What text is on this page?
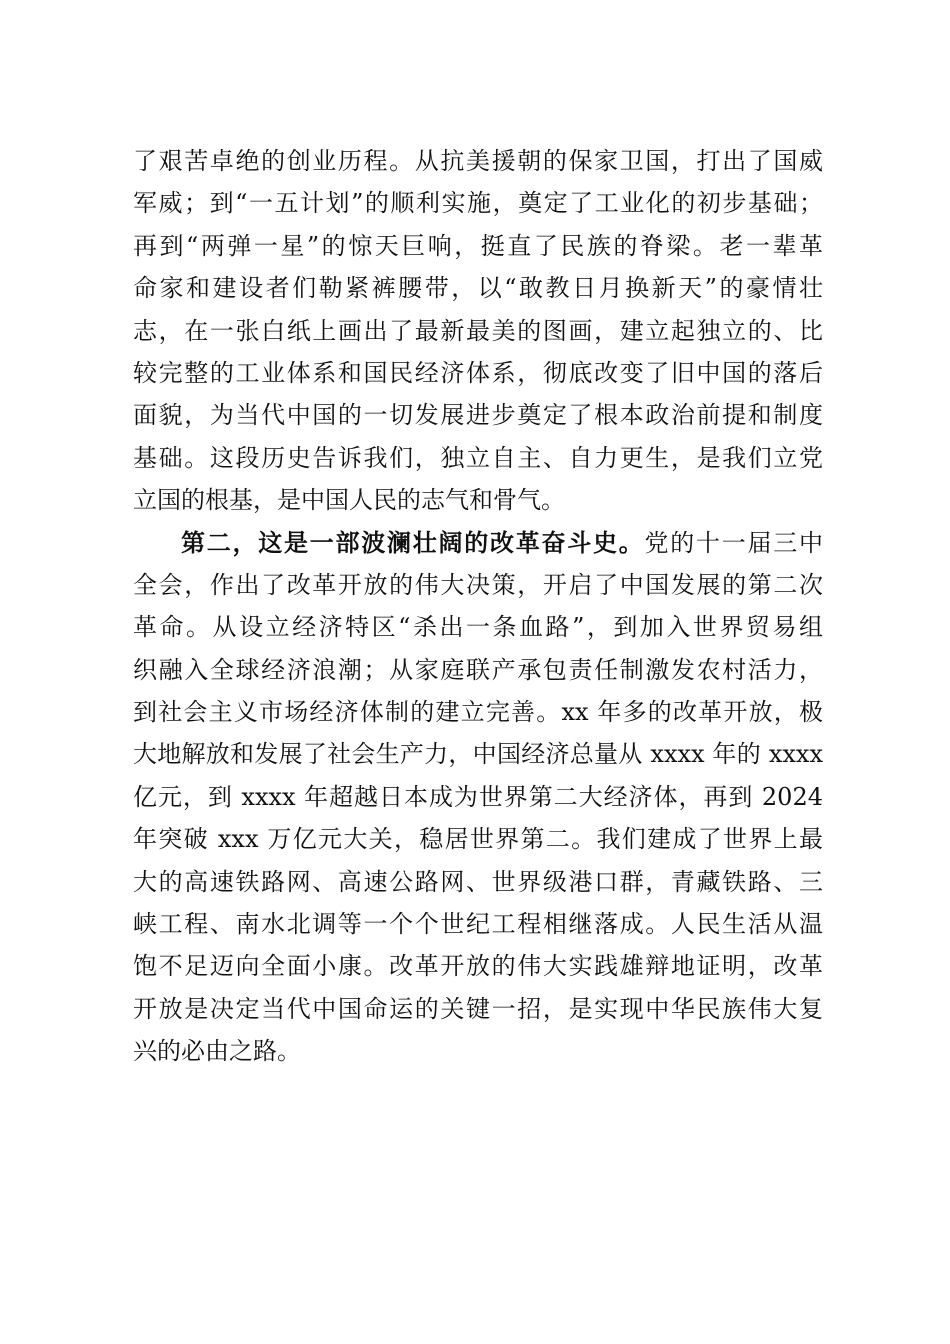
了艰苦卓绝的创业历程。从抗美援朝的保家卫国，打出了国威
军威；到“一五计划”的顺利实施，奠定了工业化的初步基础；
再到“两弹一星”的惊天巨响，挺直了民族的脊梁。老一辈革
命家和建设者们勒紧裤腰带，以“敢教日月换新天”的豪情壮
志，在一张白纸上画出了最新最美的图画，建立起独立的、比
较完整的工业体系和国民经济体系，彻底改变了旧中国的落后
面貌，为当代中国的一切发展进步奠定了根本政治前提和制度
基础。这段历史告诉我们，独立自主、自力更生，是我们立党
立国的根基，是中国人民的志气和骨气。
第二，这是一部波澜壮阔的改革奋斗史。党的十一届三中
全会，作出了改革开放的伟大决策，开启了中国发展的第二次
革命。从设立经济特区“杀出一条血路”，到加入世界贸易组
织融入全球经济浪潮；从家庭联产承包责任制激发农村活力，
到社会主义市场经济体制的建立完善。xx 年多的改革开放，极
大地解放和发展了社会生产力，中国经济总量从 xxxx 年的 xxxx
亿元，到 xxxx 年超越日本成为世界第二大经济体，再到 2024
年突破 xxx 万亿元大关，稳居世界第二。我们建成了世界上最
大的高速铁路网、高速公路网、世界级港口群，青藏铁路、三
峡工程、南水北调等一个个世纪工程相继落成。人民生活从温
饱不足迈向全面小康。改革开放的伟大实践雄辩地证明，改革
开放是决定当代中国命运的关键一招，是实现中华民族伟大复
兴的必由之路。
